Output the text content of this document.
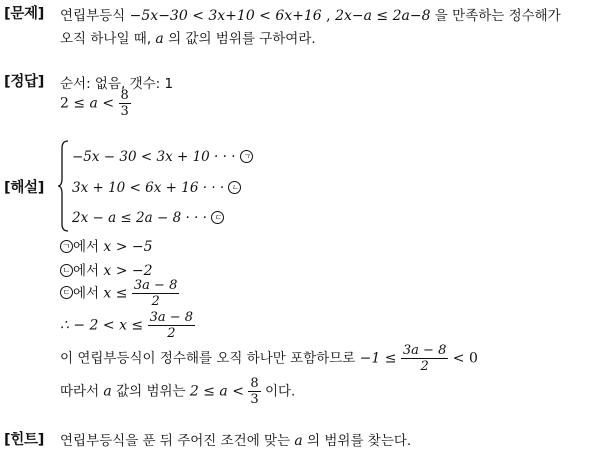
[문제] 연립부등식 −5x−30 < 3x+10 < 6x+16 , 2x−a ≤ 2a−8 을 만족하는 정수해가
오직 하나일 때, a 의 값의 범위를 구하여라.
[정답] 순서: 없음, 갯수: 1
$2 \le a < \frac{8}{3}$
[해설]
−5x − 30 < 3x + 10 · · · ㄱ
3x + 10 < 6x + 16 · · · ㄴ
2x − a ≤ 2a − 8 · · · ㄷ
ㄱ 에서 x > −5
ㄴ 에서 x > −2
ㄷ 에서 $x \le \frac{3a - 8}{2}$
∴ − $2 < x \le \frac{3a - 8}{2}$
이 연립부등식이 정수해를 오직 하나만 포함하므로 $-1 \le \frac{3a - 8}{2} < 0$
따라서 a 값의 범위는 $2 \le a < \frac{8}{3}$ 이다.
[힌트] 연립부등식을 푼 뒤 주어진 조건에 맞는 a 의 범위를 찾는다.
